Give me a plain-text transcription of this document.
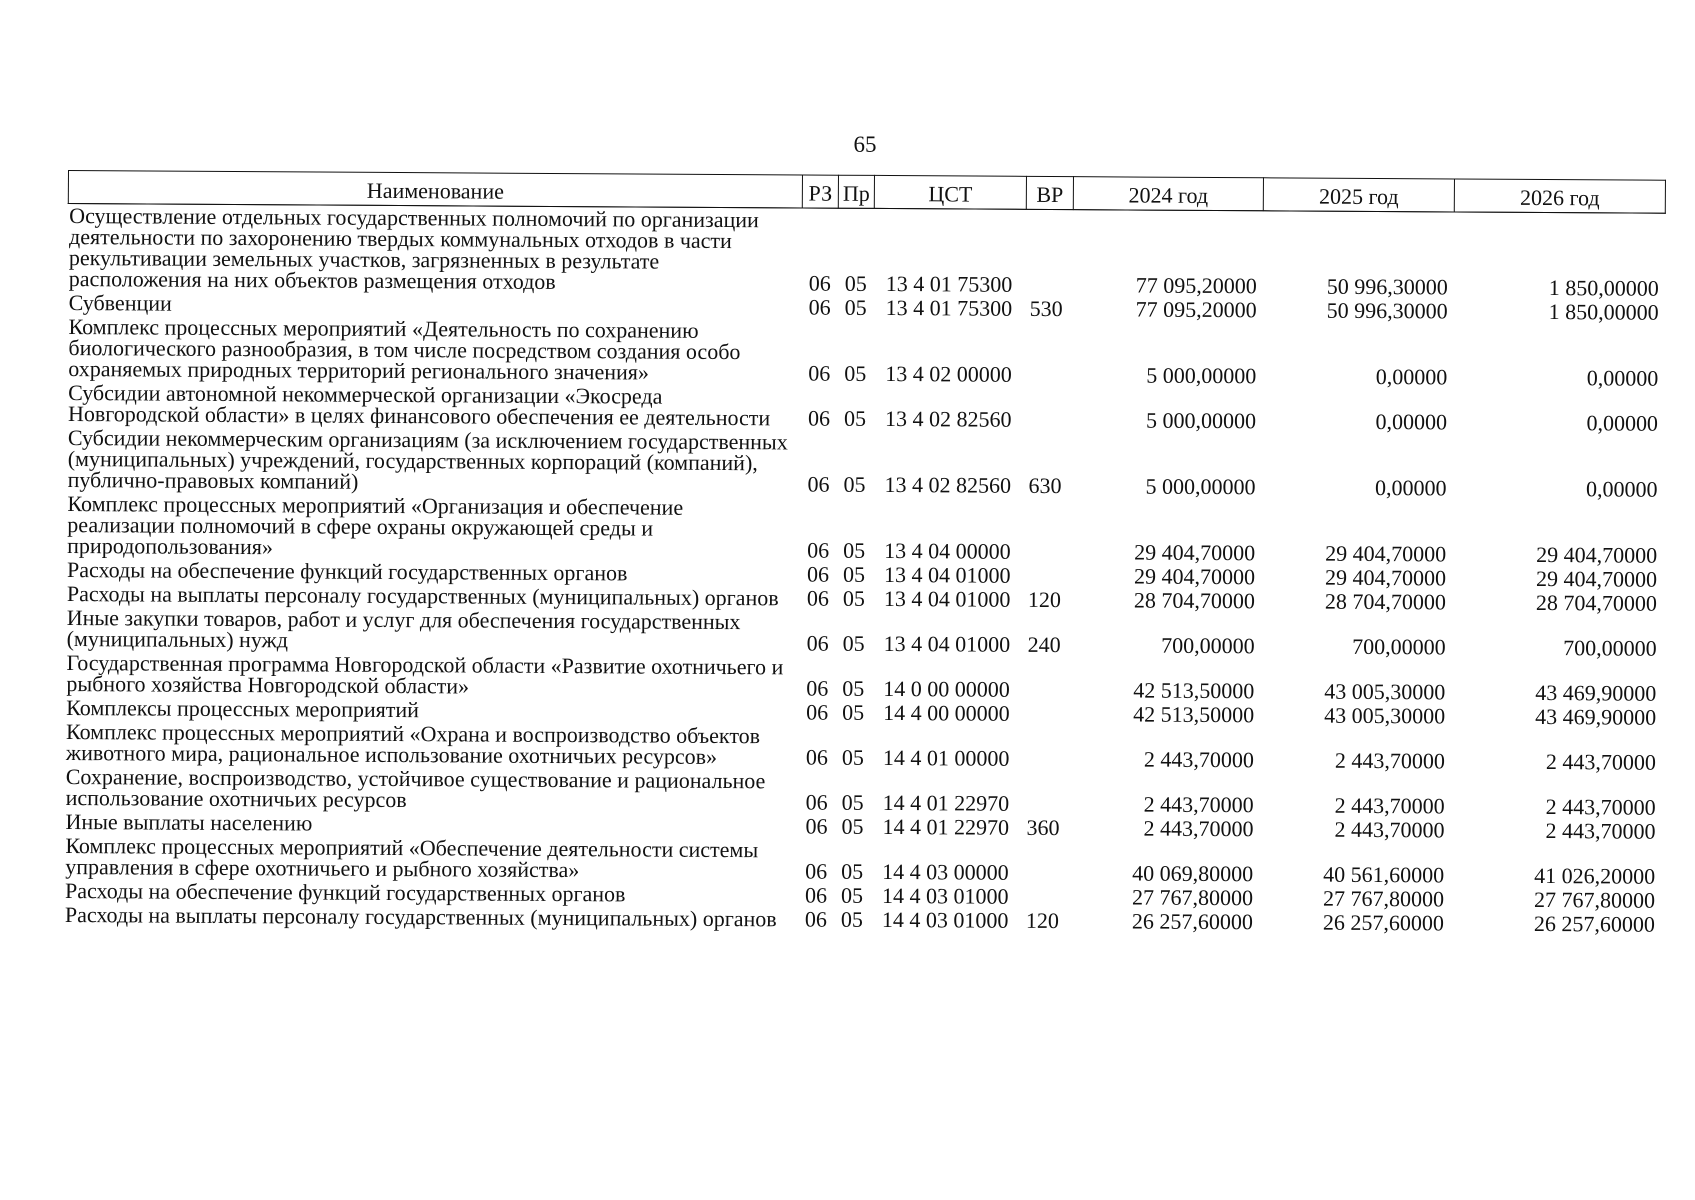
65
Наименование	РЗ	Пр	ЦСТ	ВР	2024 год	2025 год	2026 год
Осуществление отдельных государственных полномочий по организации деятельности по захоронению твердых коммунальных отходов в части рекультивации земельных участков, загрязненных в результате расположения на них объектов размещения отходов	06	05	13 4 01 75300		77 095,20000	50 996,30000	1 850,00000
Субвенции	06	05	13 4 01 75300	530	77 095,20000	50 996,30000	1 850,00000
Комплекс процессных мероприятий «Деятельность по сохранению биологического разнообразия, в том числе посредством создания особо охраняемых природных территорий регионального значения»	06	05	13 4 02 00000		5 000,00000	0,00000	0,00000
Субсидии автономной некоммерческой организации «Экосреда Новгородской области» в целях финансового обеспечения ее деятельности	06	05	13 4 02 82560		5 000,00000	0,00000	0,00000
Субсидии некоммерческим организациям (за исключением государственных (муниципальных) учреждений, государственных корпораций (компаний), публично-правовых компаний)	06	05	13 4 02 82560	630	5 000,00000	0,00000	0,00000
Комплекс процессных мероприятий «Организация и обеспечение реализации полномочий в сфере охраны окружающей среды и природопользования»	06	05	13 4 04 00000		29 404,70000	29 404,70000	29 404,70000
Расходы на обеспечение функций государственных органов	06	05	13 4 04 01000		29 404,70000	29 404,70000	29 404,70000
Расходы на выплаты персоналу государственных (муниципальных) органов	06	05	13 4 04 01000	120	28 704,70000	28 704,70000	28 704,70000
Иные закупки товаров, работ и услуг для обеспечения государственных (муниципальных) нужд	06	05	13 4 04 01000	240	700,00000	700,00000	700,00000
Государственная программа Новгородской области «Развитие охотничьего и рыбного хозяйства Новгородской области»	06	05	14 0 00 00000		42 513,50000	43 005,30000	43 469,90000
Комплексы процессных мероприятий	06	05	14 4 00 00000		42 513,50000	43 005,30000	43 469,90000
Комплекс процессных мероприятий «Охрана и воспроизводство объектов животного мира, рациональное использование охотничьих ресурсов»	06	05	14 4 01 00000		2 443,70000	2 443,70000	2 443,70000
Сохранение, воспроизводство, устойчивое существование и рациональное использование охотничьих ресурсов	06	05	14 4 01 22970		2 443,70000	2 443,70000	2 443,70000
Иные выплаты населению	06	05	14 4 01 22970	360	2 443,70000	2 443,70000	2 443,70000
Комплекс процессных мероприятий «Обеспечение деятельности системы управления в сфере охотничьего и рыбного хозяйства»	06	05	14 4 03 00000		40 069,80000	40 561,60000	41 026,20000
Расходы на обеспечение функций государственных органов	06	05	14 4 03 01000		27 767,80000	27 767,80000	27 767,80000
Расходы на выплаты персоналу государственных (муниципальных) органов	06	05	14 4 03 01000	120	26 257,60000	26 257,60000	26 257,60000
